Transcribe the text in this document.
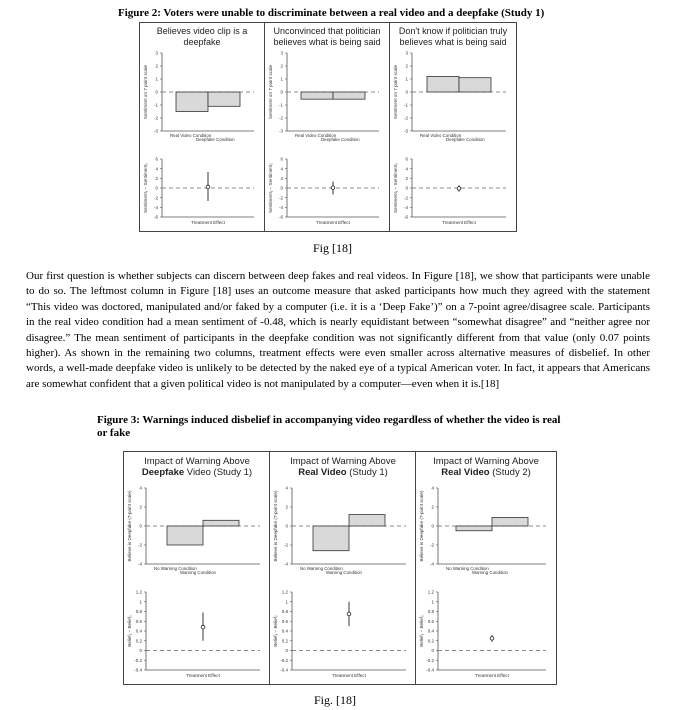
Figure 2: Voters were unable to discriminate between a real video and a deepfake (Study 1)
Believes video clip is a deepfake
Sentiment on 7 point scale
3
2
1
0
-1
-2
-3
Real Video Condition
Deepfake Condition
Sentiment₁ − Sentiment₂
6
4
2
0
-2
-4
-6
Treatment Effect
Unconvinced that politician believes what is being said
Sentiment on 7 point scale
3
2
1
0
-1
-2
-3
Real Video Condition
Deepfake Condition
Sentiment₁ − Sentiment₂
6
4
2
0
-2
-4
-6
Treatment Effect
Don't know if politician truly believes what is being said
Sentiment on 7 point scale
3
2
1
0
-1
-2
-3
Real Video Condition
Deepfake Condition
Sentiment₁ − Sentiment₂
6
4
2
0
-2
-4
-6
Treatment Effect
Fig [18]

Our first question is whether subjects can discern between deep fakes and real videos. In Figure [18], we show that participants were unable to do so. The leftmost column in Figure [18] uses an outcome measure that asked participants how much they agreed with the statement “This video was doctored, manipulated and/or faked by a computer (i.e. it is a ‘Deep Fake’)” on a 7-point agree/disagree scale. Participants in the real video condition had a mean sentiment of -0.48, which is nearly equidistant between “somewhat disagree” and “neither agree nor disagree.” The mean sentiment of participants in the deepfake condition was not significantly different from that value (only 0.07 points higher). As shown in the remaining two columns, treatment effects were even smaller across alternative measures of disbelief. In other words, a well-made deepfake video is unlikely to be detected by the naked eye of a typical American voter. In fact, it appears that Americans are somewhat confident that a given political video is not manipulated by a computer—even when it is.[18]

Figure 3: Warnings induced disbelief in accompanying video regardless of whether the video is real or fake
Impact of Warning Above
Deepfake Video (Study 1)
Believe is Deepfake (7-point scale)
4
2
0
-2
-4
No Warning Condition
Warning Condition
Belief₁ − Belief₂
1.2
1
0.8
0.6
0.4
0.2
0
-0.2
-0.4
Treatment Effect
Impact of Warning Above
Real Video (Study 1)
Believe is Deepfake (7-point scale)
4
2
0
-2
-4
No Warning Condition
Warning Condition
Belief₁ − Belief₂
1.2
1
0.8
0.6
0.4
0.2
0
-0.2
-0.4
Treatment Effect
Impact of Warning Above
Real Video (Study 2)
Believe is Deepfake (7-point scale)
4
2
0
-2
-4
No Warning Condition
Warning Condition
Belief₁ − Belief₂
1.2
1
0.8
0.6
0.4
0.2
0
-0.2
-0.4
Treatment Effect
Fig. [18]
